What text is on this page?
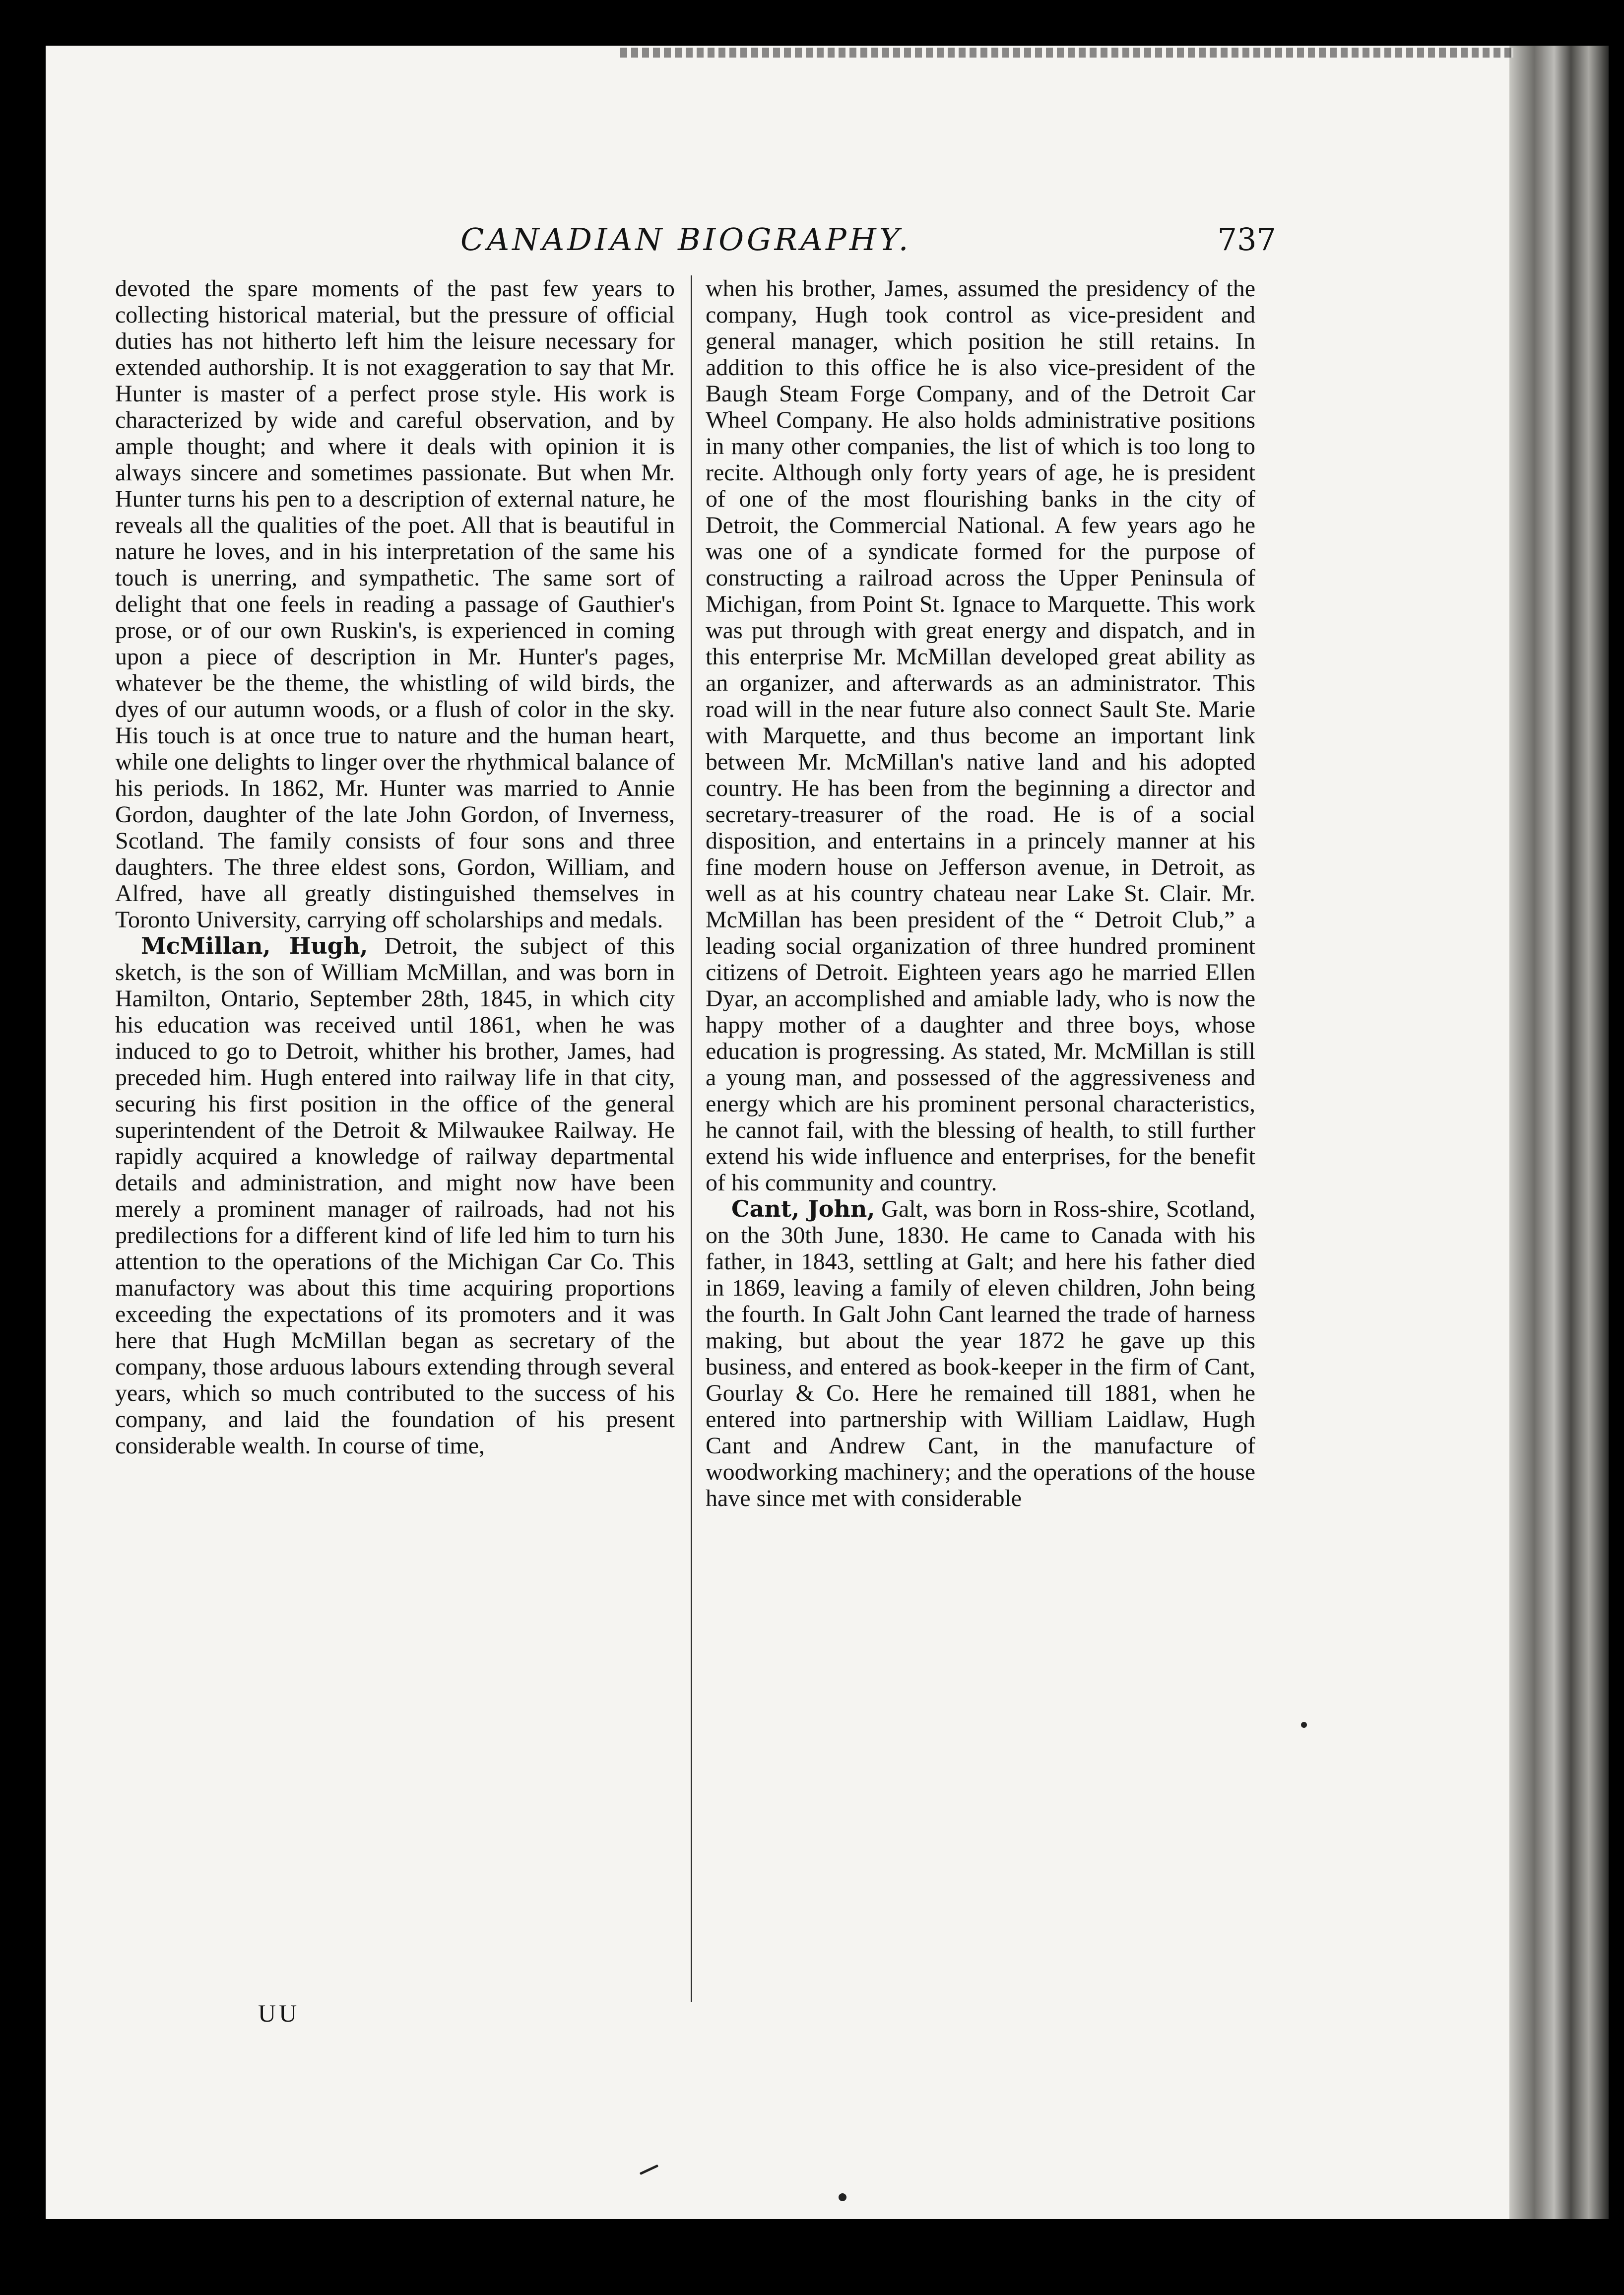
CANADIAN BIOGRAPHY.	737

devoted the spare moments of the past few years to collecting historical material, but the pressure of official duties has not hitherto left him the leisure necessary for extended authorship. It is not exaggeration to say that Mr. Hunter is master of a perfect prose style. His work is characterized by wide and careful observation, and by ample thought; and where it deals with opinion it is always sincere and sometimes passionate. But when Mr. Hunter turns his pen to a description of external nature, he reveals all the qualities of the poet. All that is beautiful in nature he loves, and in his interpretation of the same his touch is unerring, and sympathetic. The same sort of delight that one feels in reading a passage of Gauthier's prose, or of our own Ruskin's, is experienced in coming upon a piece of description in Mr. Hunter's pages, whatever be the theme, the whistling of wild birds, the dyes of our autumn woods, or a flush of color in the sky. His touch is at once true to nature and the human heart, while one delights to linger over the rhythmical balance of his periods. In 1862, Mr. Hunter was married to Annie Gordon, daughter of the late John Gordon, of Inverness, Scotland. The family consists of four sons and three daughters. The three eldest sons, Gordon, William, and Alfred, have all greatly distinguished themselves in Toronto University, carrying off scholarships and medals.

McMillan, Hugh, Detroit, the subject of this sketch, is the son of William McMillan, and was born in Hamilton, Ontario, September 28th, 1845, in which city his education was received until 1861, when he was induced to go to Detroit, whither his brother, James, had preceded him. Hugh entered into railway life in that city, securing his first position in the office of the general superintendent of the Detroit & Milwaukee Railway. He rapidly acquired a knowledge of railway departmental details and administration, and might now have been merely a prominent manager of railroads, had not his predilections for a different kind of life led him to turn his attention to the operations of the Michigan Car Co. This manufactory was about this time acquiring proportions exceeding the expectations of its promoters and it was here that Hugh McMillan began as secretary of the company, those arduous labours extending through several years, which so much contributed to the success of his company, and laid the foundation of his present considerable wealth. In course of time,

when his brother, James, assumed the presidency of the company, Hugh took control as vice-president and general manager, which position he still retains. In addition to this office he is also vice-president of the Baugh Steam Forge Company, and of the Detroit Car Wheel Company. He also holds administrative positions in many other companies, the list of which is too long to recite. Although only forty years of age, he is president of one of the most flourishing banks in the city of Detroit, the Commercial National. A few years ago he was one of a syndicate formed for the purpose of constructing a railroad across the Upper Peninsula of Michigan, from Point St. Ignace to Marquette. This work was put through with great energy and dispatch, and in this enterprise Mr. McMillan developed great ability as an organizer, and afterwards as an administrator. This road will in the near future also connect Sault Ste. Marie with Marquette, and thus become an important link between Mr. McMillan's native land and his adopted country. He has been from the beginning a director and secretary-treasurer of the road. He is of a social disposition, and entertains in a princely manner at his fine modern house on Jefferson avenue, in Detroit, as well as at his country chateau near Lake St. Clair. Mr. McMillan has been president of the “ Detroit Club,” a leading social organization of three hundred prominent citizens of Detroit. Eighteen years ago he married Ellen Dyar, an accomplished and amiable lady, who is now the happy mother of a daughter and three boys, whose education is progressing. As stated, Mr. McMillan is still a young man, and possessed of the aggressiveness and energy which are his prominent personal characteristics, he cannot fail, with the blessing of health, to still further extend his wide influence and enterprises, for the benefit of his community and country.

Cant, John, Galt, was born in Ross-shire, Scotland, on the 30th June, 1830. He came to Canada with his father, in 1843, settling at Galt; and here his father died in 1869, leaving a family of eleven children, John being the fourth. In Galt John Cant learned the trade of harness making, but about the year 1872 he gave up this business, and entered as book-keeper in the firm of Cant, Gourlay & Co. Here he remained till 1881, when he entered into partnership with William Laidlaw, Hugh Cant and Andrew Cant, in the manufacture of woodworking machinery; and the operations of the house have since met with considerable

UU
